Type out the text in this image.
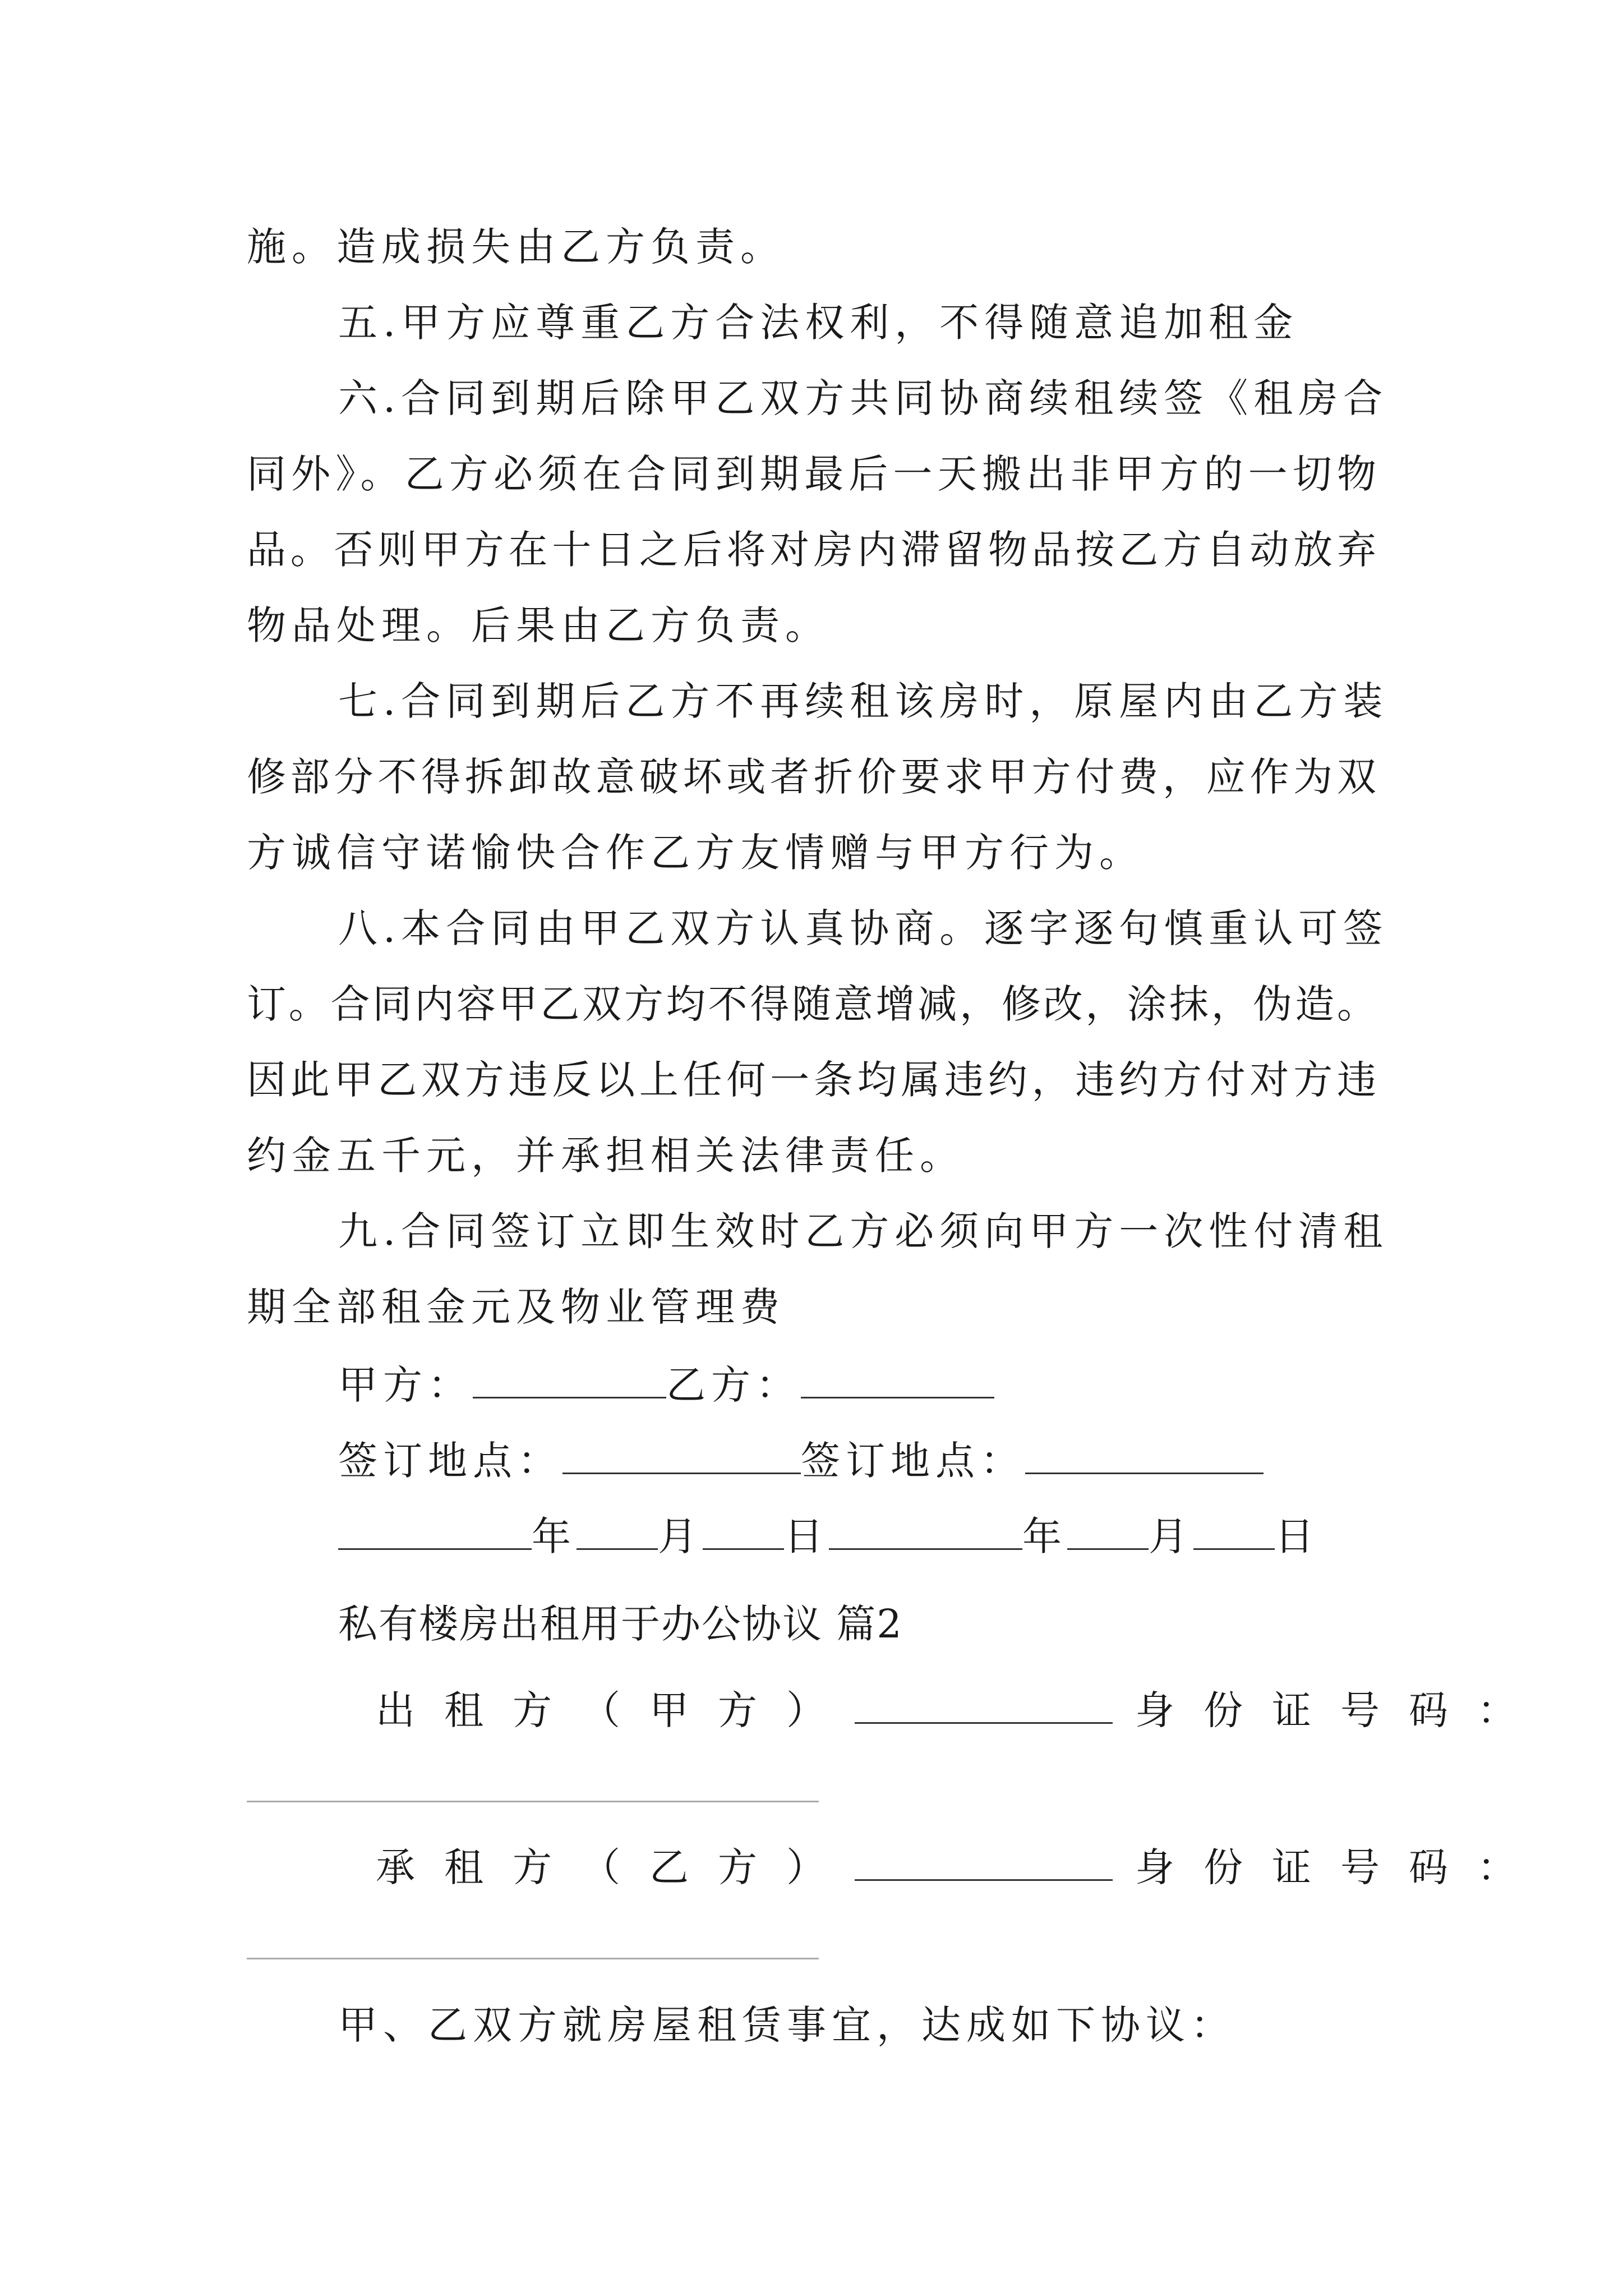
施。造成损失由乙方负责。
五.甲方应尊重乙方合法权利，不得随意追加租金
六.合同到期后除甲乙双方共同协商续租续签《租房合
同外》。乙方必须在合同到期最后一天搬出非甲方的一切物
品。否则甲方在十日之后将对房内滞留物品按乙方自动放弃
物品处理。后果由乙方负责。
七.合同到期后乙方不再续租该房时，原屋内由乙方装
修部分不得拆卸故意破坏或者折价要求甲方付费，应作为双
方诚信守诺愉快合作乙方友情赠与甲方行为。
八.本合同由甲乙双方认真协商。逐字逐句慎重认可签
订。合同内容甲乙双方均不得随意增减，修改，涂抹，伪造。
因此甲乙双方违反以上任何一条均属违约，违约方付对方违
约金五千元，并承担相关法律责任。
九.合同签订立即生效时乙方必须向甲方一次性付清租
期全部租金元及物业管理费
甲方：	乙方：
签订地点：	签订地点：
年 月 日	年 月 日
私有楼房出租用于办公协议 篇2
出租方（甲方）	身份证号码：
承租方（乙方）	身份证号码：
甲、乙双方就房屋租赁事宜，达成如下协议：
